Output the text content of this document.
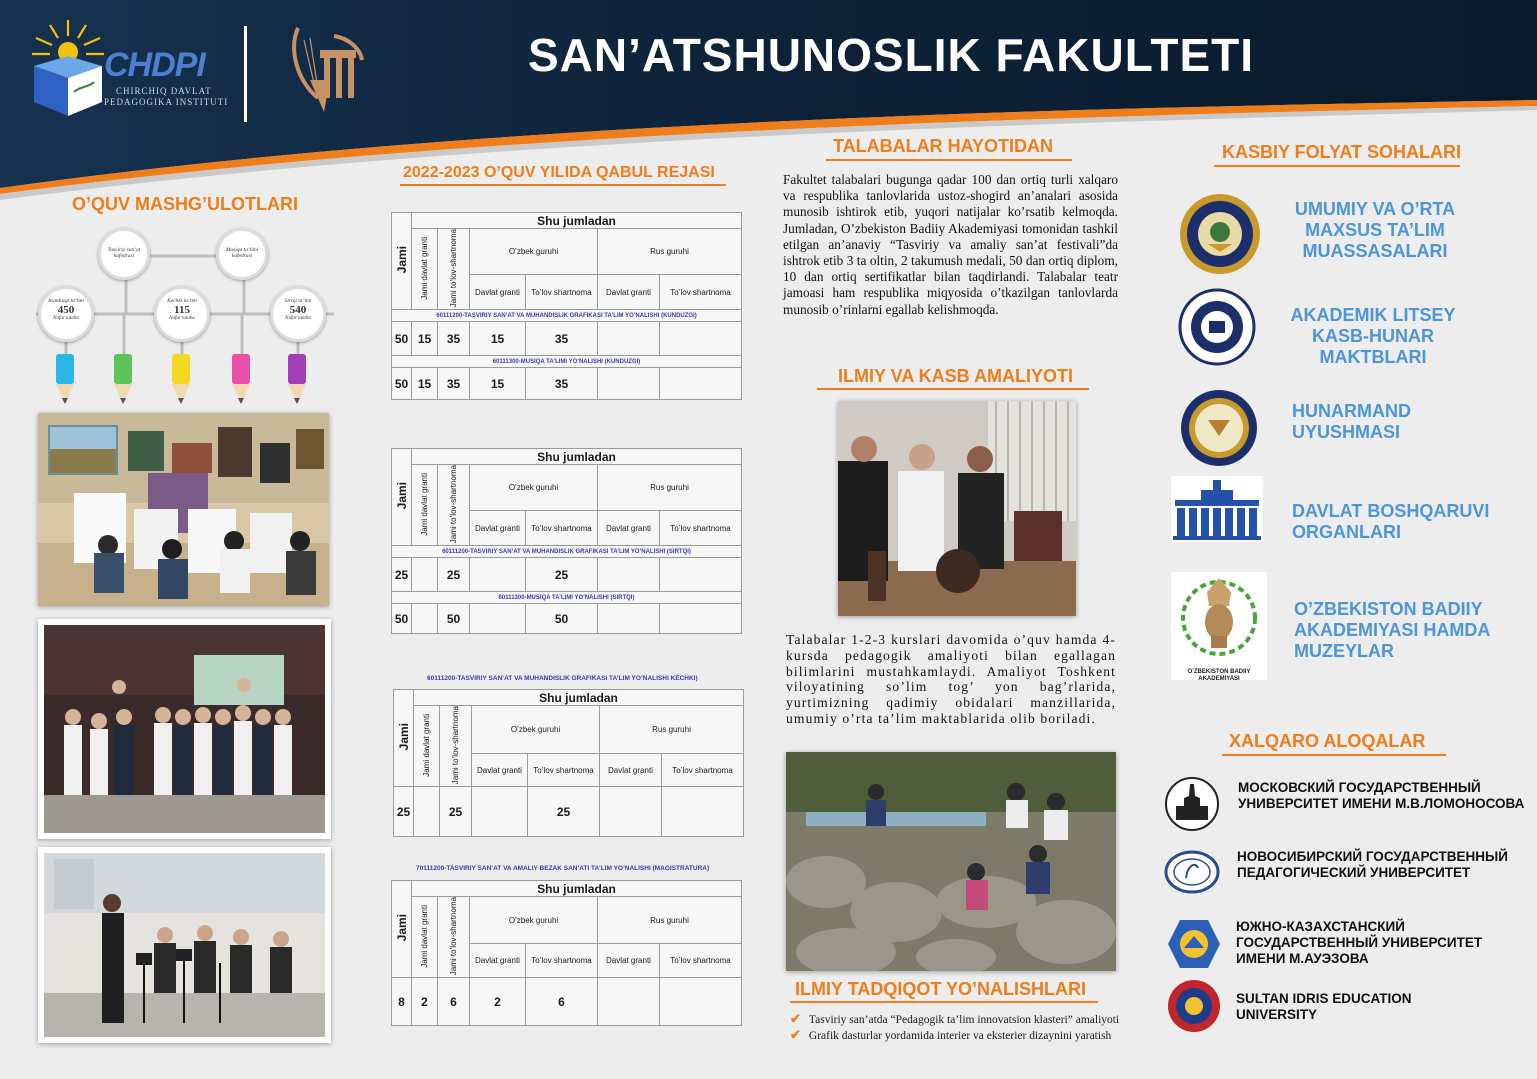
CHDPI
CHIRCHIQ DAVLAT
PEDAGOGIKA INSTITUTI
SAN’ATSHUNOSLIK FAKULTETI
O’QUV MASHG’ULOTLARI
Tasviriy san’at kafedrasi
Musiqa ta’limi kafedrasi
Kunduzgi ta’lim
450
Nafar talaba
Kechki ta’lim
115
Nafar talaba
Sirtqi ta’lim
540
Nafar talaba
2022-2023 O’QUV YILIDA QABUL REJASI
Jami	Shu jumladan					
	Jami davlat granti	Jami to’lov-shartnoma	O’zbek guruhi		Rus guruhi	
			Davlat granti	To’lov shartnoma	Davlat granti	To’lov shartnoma
60111200-TASVIRIY SAN’AT VA MUHANDISLIK GRAFIKASI TA’LIM YO’NALISHI (KUNDUZGI)						
50	15	35	15	35		
60111300-MUSIQA TA’LIMI YO’NALISHI (KUNDUZGI)						
50	15	35	15	35		
Jami	Shu jumladan					
	Jami davlat granti	Jami to’lov-shartnoma	O’zbek guruhi		Rus guruhi	
			Davlat granti	To’lov shartnoma	Davlat granti	To’lov shartnoma
60111200-TASVIRIY SAN’AT VA MUHANDISLIK GRAFIKASI TA’LIM YO’NALISHI (SIRTQI)						
25		25		25		
60111300-MUSIQA TA’LIMI YO’NALISHI (SIRTQI)						
50		50		50		
60111200-TASVIRIY SAN’AT VA MUHANDISLIK GRAFIKASI TA’LIM YO’NALISHI KECHKI)
Jami	Shu jumladan					
	Jami davlat granti	Jami to’lov-shartnoma	O’zbek guruhi		Rus guruhi	
			Davlat granti	To’lov shartnoma	Davlat granti	To’lov shartnoma
25		25		25		
70111200-TASVIRIY SAN’AT VA AMALIY BEZAK SAN’ATI TA’LIM YO’NALISHI (MAGISTRATURA)
Jami	Shu jumladan					
	Jami davlat granti	Jami to’lov-shartnoma	O’zbek guruhi		Rus guruhi	
			Davlat granti	To’lov shartnoma	Davlat granti	To’lov shartnoma
8	2	6	2	6		
TALABALAR HAYOTIDAN
Fakultet talabalari bugunga qadar 100 dan ortiq turli xalqaro va respublika tanlovlarida ustoz-shogird an’analari asosida munosib ishtirok etib, yuqori natijalar ko’rsatib kelmoqda. Jumladan, O’zbekiston Badiiy Akademiyasi tomonidan tashkil etilgan an’anaviy “Tasviriy va amaliy san’at festivali”da ishtrok etib 3 ta oltin, 2 takumush medali, 50 dan ortiq diplom, 10 dan ortiq sertifikatlar bilan taqdirlandi. Talabalar teatr jamoasi ham respublika miqyosida o’tkazilgan tanlovlarda munosib o’rinlarni egallab kelishmoqda.
ILMIY VA KASB AMALIYOTI
Talabalar 1-2-3 kurslari davomida o’quv hamda 4-kursda pedagogik amaliyoti bilan egallagan bilimlarini mustahkamlaydi. Amaliyot Toshkent viloyatining so’lim tog’ yon bag’rlarida, yurtimizning qadimiy obidalari manzillarida, umumiy o’rta ta’lim maktablarida olib boriladi.
ILMIY TADQIQOT YO’NALISHLARI
✔ Tasviriy san’atda “Pedagogik ta’lim innovatsion klasteri” amaliyoti
✔ Grafik dasturlar yordamida interier va eksterier dizaynini yaratish
KASBIY FOLYAT SOHALARI
UMUMIY VA O’RTA MAXSUS TA’LIM MUASSASALARI
AKADEMIK LITSEY KASB-HUNAR MAKTBLARI
HUNARMAND UYUSHMASI
DAVLAT BOSHQARUVI ORGANLARI
O’ZBEKISTON BADIIY AKADEMIYASI
O’ZBEKISTON BADIIY AKADEMIYASI HAMDA MUZEYLAR
XALQARO ALOQALAR
МОСКОВСКИЙ ГОСУДАРСТВЕННЫЙ УНИВЕРСИТЕТ ИМЕНИ М.В.ЛОМОНОСОВА
НОВОСИБИРСКИЙ ГОСУДАРСТВЕННЫЙ ПЕДАГОГИЧЕСКИЙ УНИВЕРСИТЕТ
ЮЖНО-КАЗАХСТАНСКИЙ ГОСУДАРСТВЕННЫЙ УНИВЕРСИТЕТ ИМЕНИ М.АУЭЗОВА
SULTAN IDRIS EDUCATION UNIVERSITY
